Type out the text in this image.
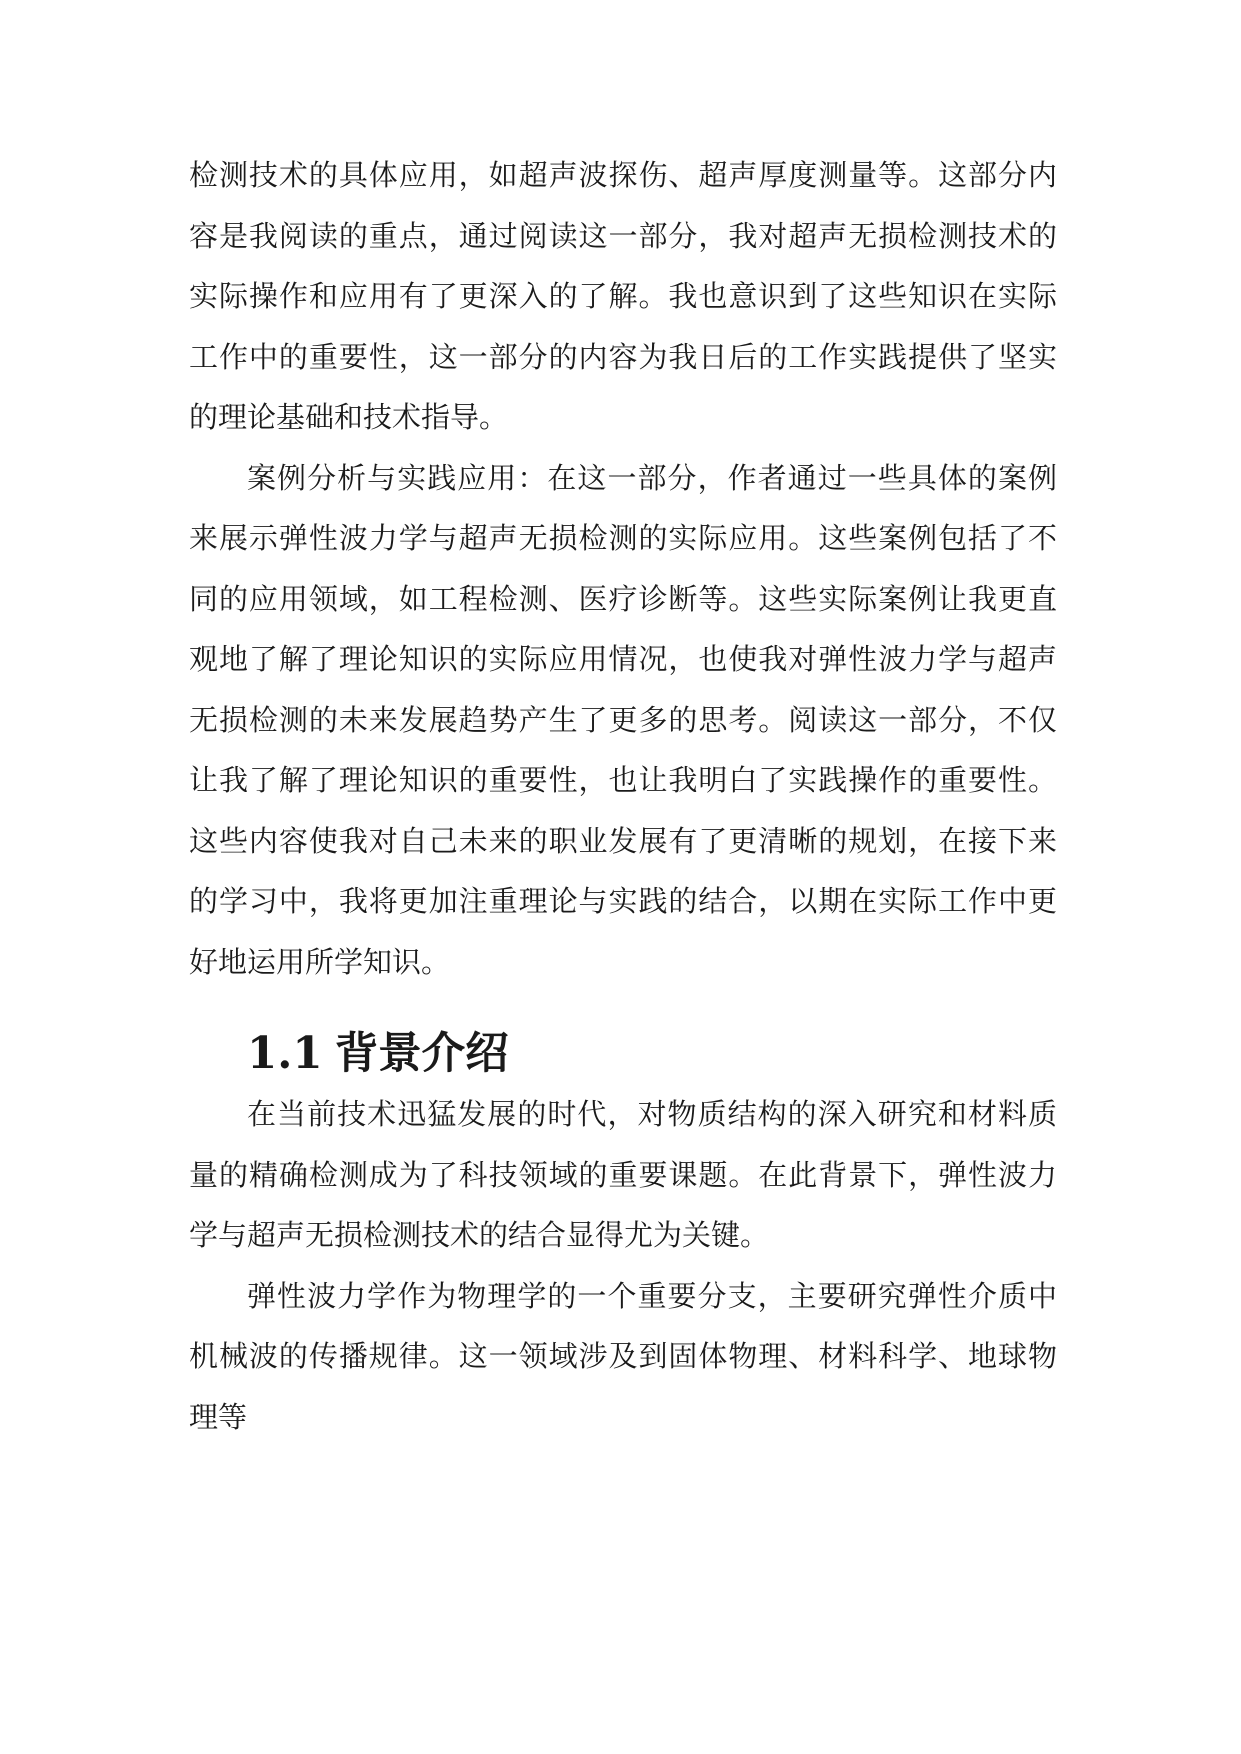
检测技术的具体应用，如超声波探伤、超声厚度测量等。这部分内容是我阅读的重点，通过阅读这一部分，我对超声无损检测技术的实际操作和应用有了更深入的了解。我也意识到了这些知识在实际工作中的重要性，这一部分的内容为我日后的工作实践提供了坚实的理论基础和技术指导。

案例分析与实践应用：在这一部分，作者通过一些具体的案例来展示弹性波力学与超声无损检测的实际应用。这些案例包括了不同的应用领域，如工程检测、医疗诊断等。这些实际案例让我更直观地了解了理论知识的实际应用情况，也使我对弹性波力学与超声无损检测的未来发展趋势产生了更多的思考。阅读这一部分，不仅让我了解了理论知识的重要性，也让我明白了实践操作的重要性。这些内容使我对自己未来的职业发展有了更清晰的规划，在接下来的学习中，我将更加注重理论与实践的结合，以期在实际工作中更好地运用所学知识。

1.1 背景介绍

在当前技术迅猛发展的时代，对物质结构的深入研究和材料质量的精确检测成为了科技领域的重要课题。在此背景下，弹性波力学与超声无损检测技术的结合显得尤为关键。

弹性波力学作为物理学的一个重要分支，主要研究弹性介质中机械波的传播规律。这一领域涉及到固体物理、材料科学、地球物理等
